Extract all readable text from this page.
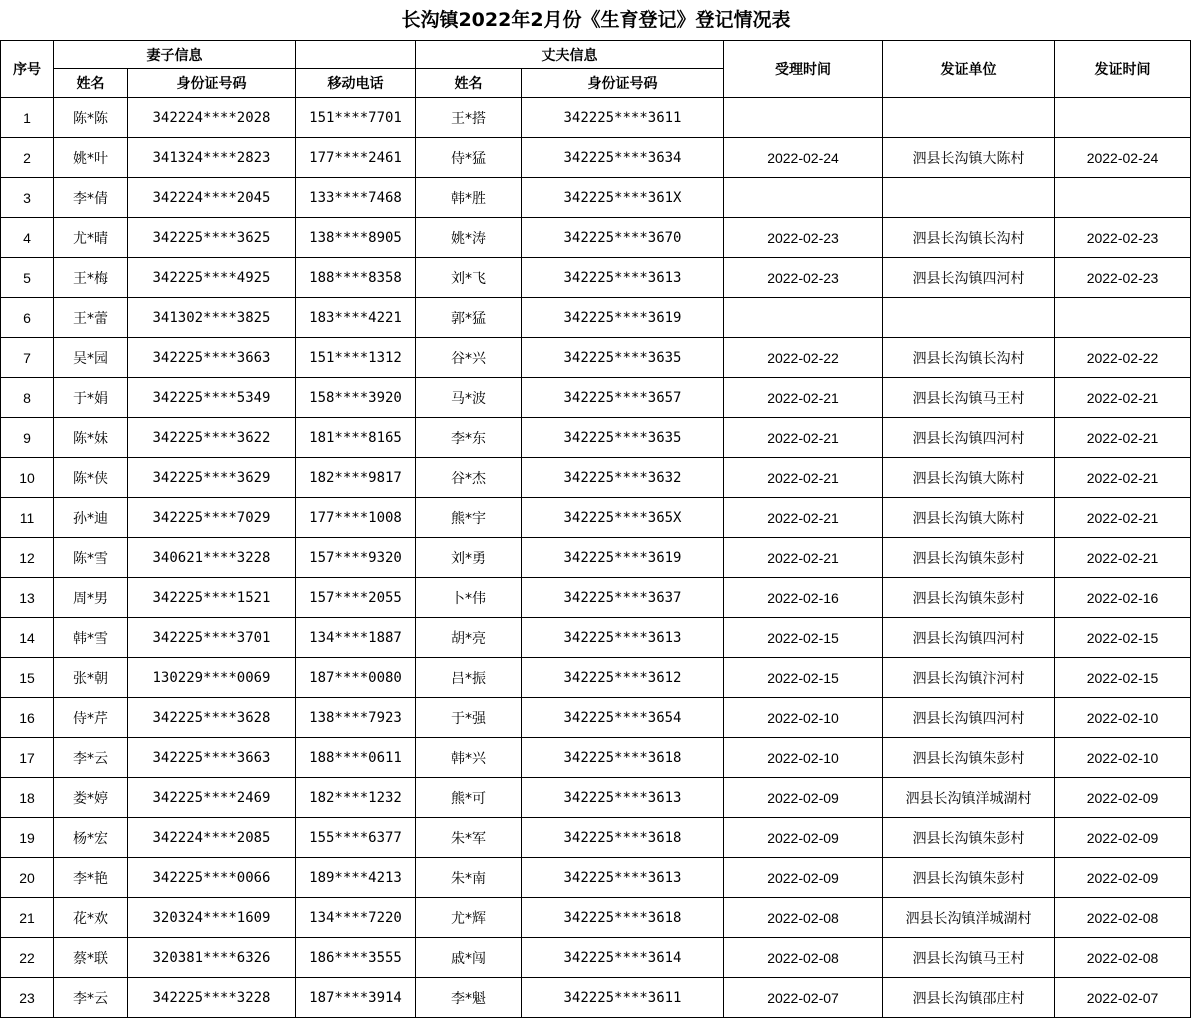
长沟镇2022年2月份《生育登记》登记情况表
序号	妻子信息			丈夫信息		受理时间	发证单位	发证时间
	姓名	身份证号码	移动电话	姓名	身份证号码			
1	陈*陈	342224****2028	151****7701	王*搭	342225****3611			
2	姚*叶	341324****2823	177****2461	侍*猛	342225****3634	2022-02-24	泗县长沟镇大陈村	2022-02-24
3	李*倩	342224****2045	133****7468	韩*胜	342225****361X			
4	尤*晴	342225****3625	138****8905	姚*涛	342225****3670	2022-02-23	泗县长沟镇长沟村	2022-02-23
5	王*梅	342225****4925	188****8358	刘*飞	342225****3613	2022-02-23	泗县长沟镇四河村	2022-02-23
6	王*蕾	341302****3825	183****4221	郭*猛	342225****3619			
7	吴*园	342225****3663	151****1312	谷*兴	342225****3635	2022-02-22	泗县长沟镇长沟村	2022-02-22
8	于*娟	342225****5349	158****3920	马*波	342225****3657	2022-02-21	泗县长沟镇马王村	2022-02-21
9	陈*妹	342225****3622	181****8165	李*东	342225****3635	2022-02-21	泗县长沟镇四河村	2022-02-21
10	陈*侠	342225****3629	182****9817	谷*杰	342225****3632	2022-02-21	泗县长沟镇大陈村	2022-02-21
11	孙*迪	342225****7029	177****1008	熊*宇	342225****365X	2022-02-21	泗县长沟镇大陈村	2022-02-21
12	陈*雪	340621****3228	157****9320	刘*勇	342225****3619	2022-02-21	泗县长沟镇朱彭村	2022-02-21
13	周*男	342225****1521	157****2055	卜*伟	342225****3637	2022-02-16	泗县长沟镇朱彭村	2022-02-16
14	韩*雪	342225****3701	134****1887	胡*亮	342225****3613	2022-02-15	泗县长沟镇四河村	2022-02-15
15	张*朝	130229****0069	187****0080	吕*振	342225****3612	2022-02-15	泗县长沟镇汴河村	2022-02-15
16	侍*芹	342225****3628	138****7923	于*强	342225****3654	2022-02-10	泗县长沟镇四河村	2022-02-10
17	李*云	342225****3663	188****0611	韩*兴	342225****3618	2022-02-10	泗县长沟镇朱彭村	2022-02-10
18	娄*婷	342225****2469	182****1232	熊*可	342225****3613	2022-02-09	泗县长沟镇洋城湖村	2022-02-09
19	杨*宏	342224****2085	155****6377	朱*军	342225****3618	2022-02-09	泗县长沟镇朱彭村	2022-02-09
20	李*艳	342225****0066	189****4213	朱*南	342225****3613	2022-02-09	泗县长沟镇朱彭村	2022-02-09
21	花*欢	320324****1609	134****7220	尤*辉	342225****3618	2022-02-08	泗县长沟镇洋城湖村	2022-02-08
22	蔡*联	320381****6326	186****3555	戚*闯	342225****3614	2022-02-08	泗县长沟镇马王村	2022-02-08
23	李*云	342225****3228	187****3914	李*魁	342225****3611	2022-02-07	泗县长沟镇邵庄村	2022-02-07
